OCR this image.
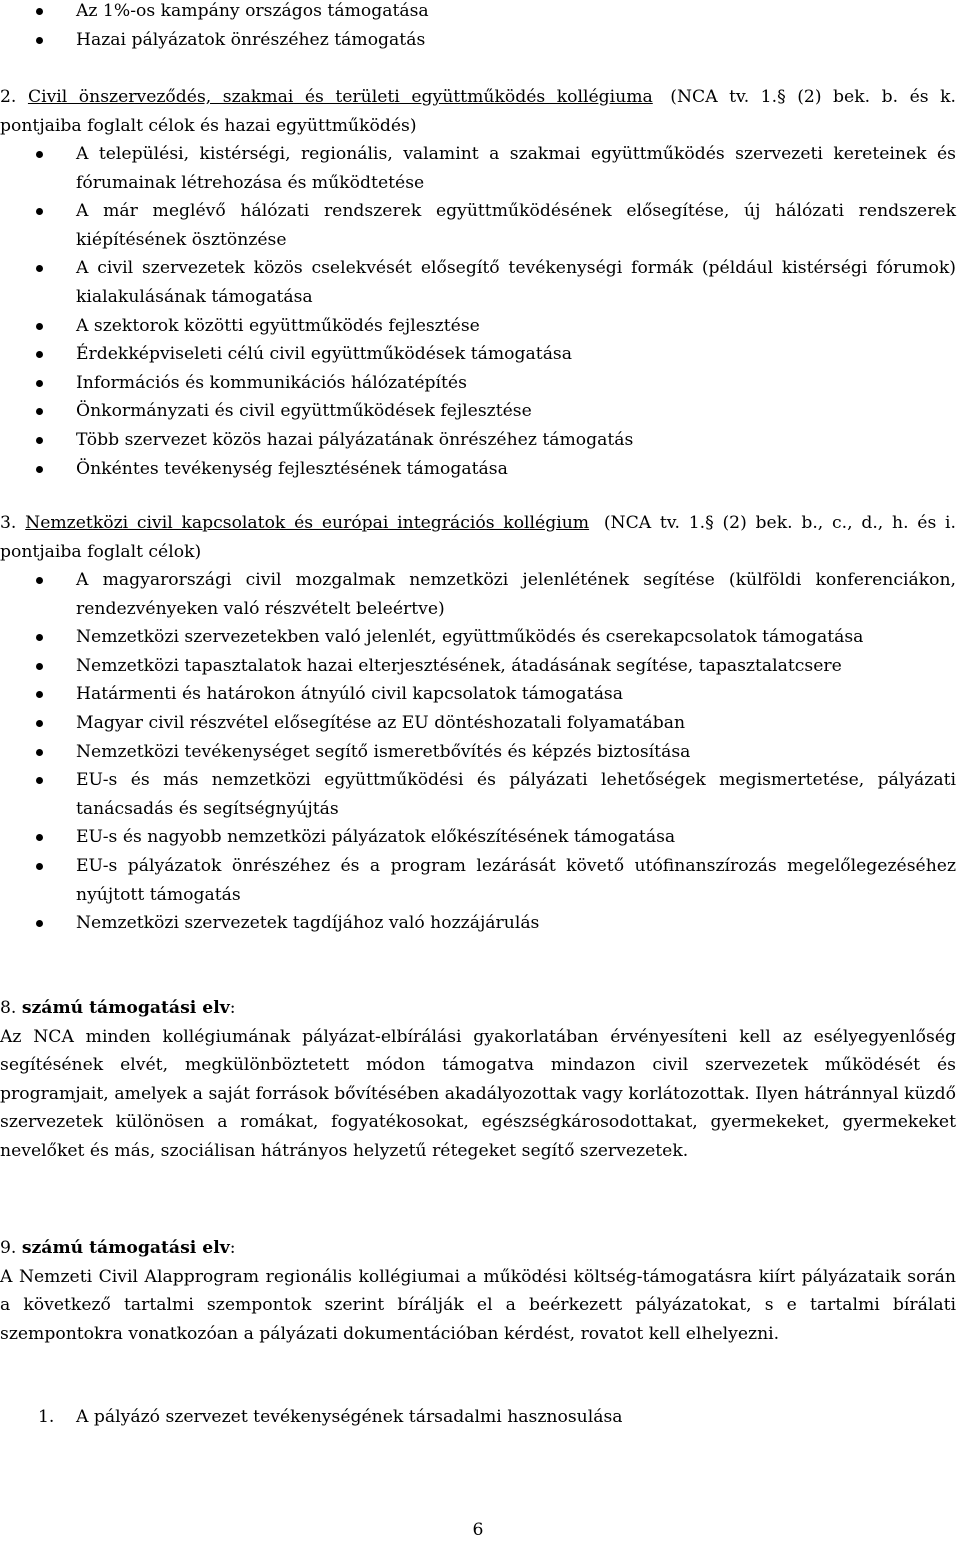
Az 1%-os kampány országos támogatása
Hazai pályázatok önrészéhez támogatás

2. Civil önszerveződés, szakmai és területi együttműködés kollégiuma (NCA tv. 1.§ (2) bek. b. és k.

pontjaiba foglalt célok és hazai együttműködés)

A települési, kistérségi, regionális, valamint a szakmai együttműködés szervezeti kereteinek és fórumainak létrehozása és működtetése
A már meglévő hálózati rendszerek együttműködésének elősegítése, új hálózati rendszerek kiépítésének ösztönzése
A civil szervezetek közös cselekvését elősegítő tevékenységi formák (például kistérségi fórumok) kialakulásának támogatása
A szektorok közötti együttműködés fejlesztése
Érdekképviseleti célú civil együttműködések támogatása
Információs és kommunikációs hálózatépítés
Önkormányzati és civil együttműködések fejlesztése
Több szervezet közös hazai pályázatának önrészéhez támogatás
Önkéntes tevékenység fejlesztésének támogatása

3. Nemzetközi civil kapcsolatok és európai integrációs kollégium (NCA tv. 1.§ (2) bek. b., c., d., h. és i.

pontjaiba foglalt célok)

A magyarországi civil mozgalmak nemzetközi jelenlétének segítése (külföldi konferenciákon, rendezvényeken való részvételt beleértve)
Nemzetközi szervezetekben való jelenlét, együttműködés és cserekapcsolatok támogatása
Nemzetközi tapasztalatok hazai elterjesztésének, átadásának segítése, tapasztalatcsere
Határmenti és határokon átnyúló civil kapcsolatok támogatása
Magyar civil részvétel elősegítése az EU döntéshozatali folyamatában
Nemzetközi tevékenységet segítő ismeretbővítés és képzés biztosítása
EU-s és más nemzetközi együttműködési és pályázati lehetőségek megismertetése, pályázati tanácsadás és segítségnyújtás
EU-s és nagyobb nemzetközi pályázatok előkészítésének támogatása
EU-s pályázatok önrészéhez és a program lezárását követő utófinanszírozás megelőlegezéséhez nyújtott támogatás
Nemzetközi szervezetek tagdíjához való hozzájárulás

8. számú támogatási elv:

Az NCA minden kollégiumának pályázat-elbírálási gyakorlatában érvényesíteni kell az esélyegyenlőség segítésének elvét, megkülönböztetett módon támogatva mindazon civil szervezetek működését és programjait, amelyek a saját források bővítésében akadályozottak vagy korlátozottak. Ilyen hátránnyal küzdő szervezetek különösen a romákat, fogyatékosokat, egészségkárosodottakat, gyermekeket, gyermekeket nevelőket és más, szociálisan hátrányos helyzetű rétegeket segítő szervezetek.

9. számú támogatási elv:

A Nemzeti Civil Alapprogram regionális kollégiumai a működési költség-támogatásra kiírt pályázataik során a következő tartalmi szempontok szerint bírálják el a beérkezett pályázatokat, s e tartalmi bírálati szempontokra vonatkozóan a pályázati dokumentációban kérdést, rovatot kell elhelyezni.

1. A pályázó szervezet tevékenységének társadalmi hasznosulása
6
